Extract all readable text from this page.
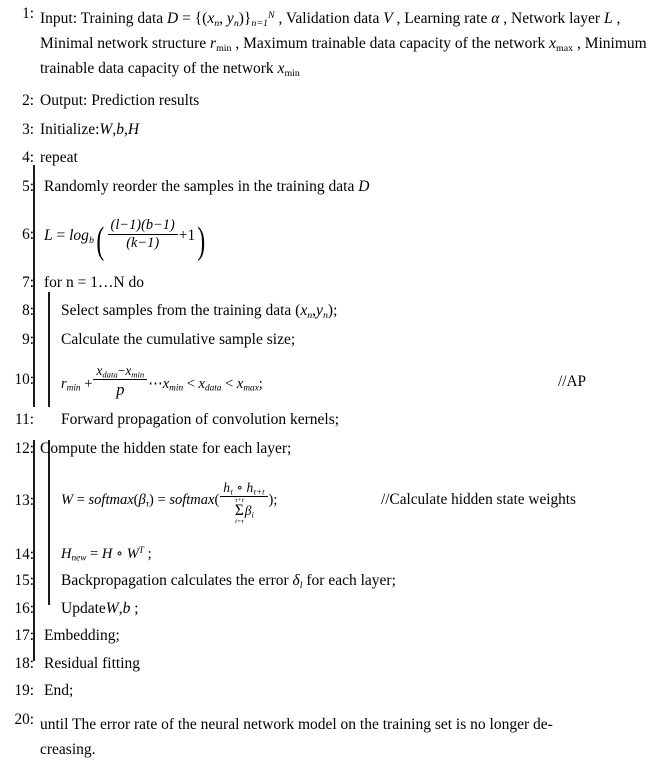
1: Input: Training data $D = \{(x_n$, $y_n)\}_{n=1}^N$ , Validation data V , Learning rate α , Network layer L , Minimal network structure $r_{min}$ , Maximum trainable data capacity of the network $x_{max}$ , Minimum trainable data capacity of the network $x_{min}$
2: Output: Prediction results
3: Initialize:W,b,H
4: repeat
5: Randomly reorder the samples in the training data D
6: $L = \log_b( \frac{(l-1)(b-1)}{(k-1)} +1)$
7: for n = 1…N do
8:	Select samples from the training data $(x_n,y_n)$;
9:	Calculate the cumulative sample size;
10:	$r_{min} + \frac{x_{data}-x_{min}}{p}$ $\cdots x_{min} < x_{data} < x_{max}$;	//AP
11:	Forward propagation of convolution kernels;
12: Compute the hidden state for each layer;
13:	$W = softmax(\beta_\tau)$ = softmax( $h_\tau$ ∘ $h_{\tau+t}$
τ+t
Σ
i=τ
$\beta_i$ );	//Calculate hidden state weights
14:	$H_{new} = H$ ∘ $W^T$ ;
15:	Backpropagation calculates the error $\delta_l$ for each layer;
16:	UpdateW,b ;
17: Embedding;
18: Residual fitting
19: End;
20: until The error rate of the neural network model on the training set is no longer de-
creasing.
